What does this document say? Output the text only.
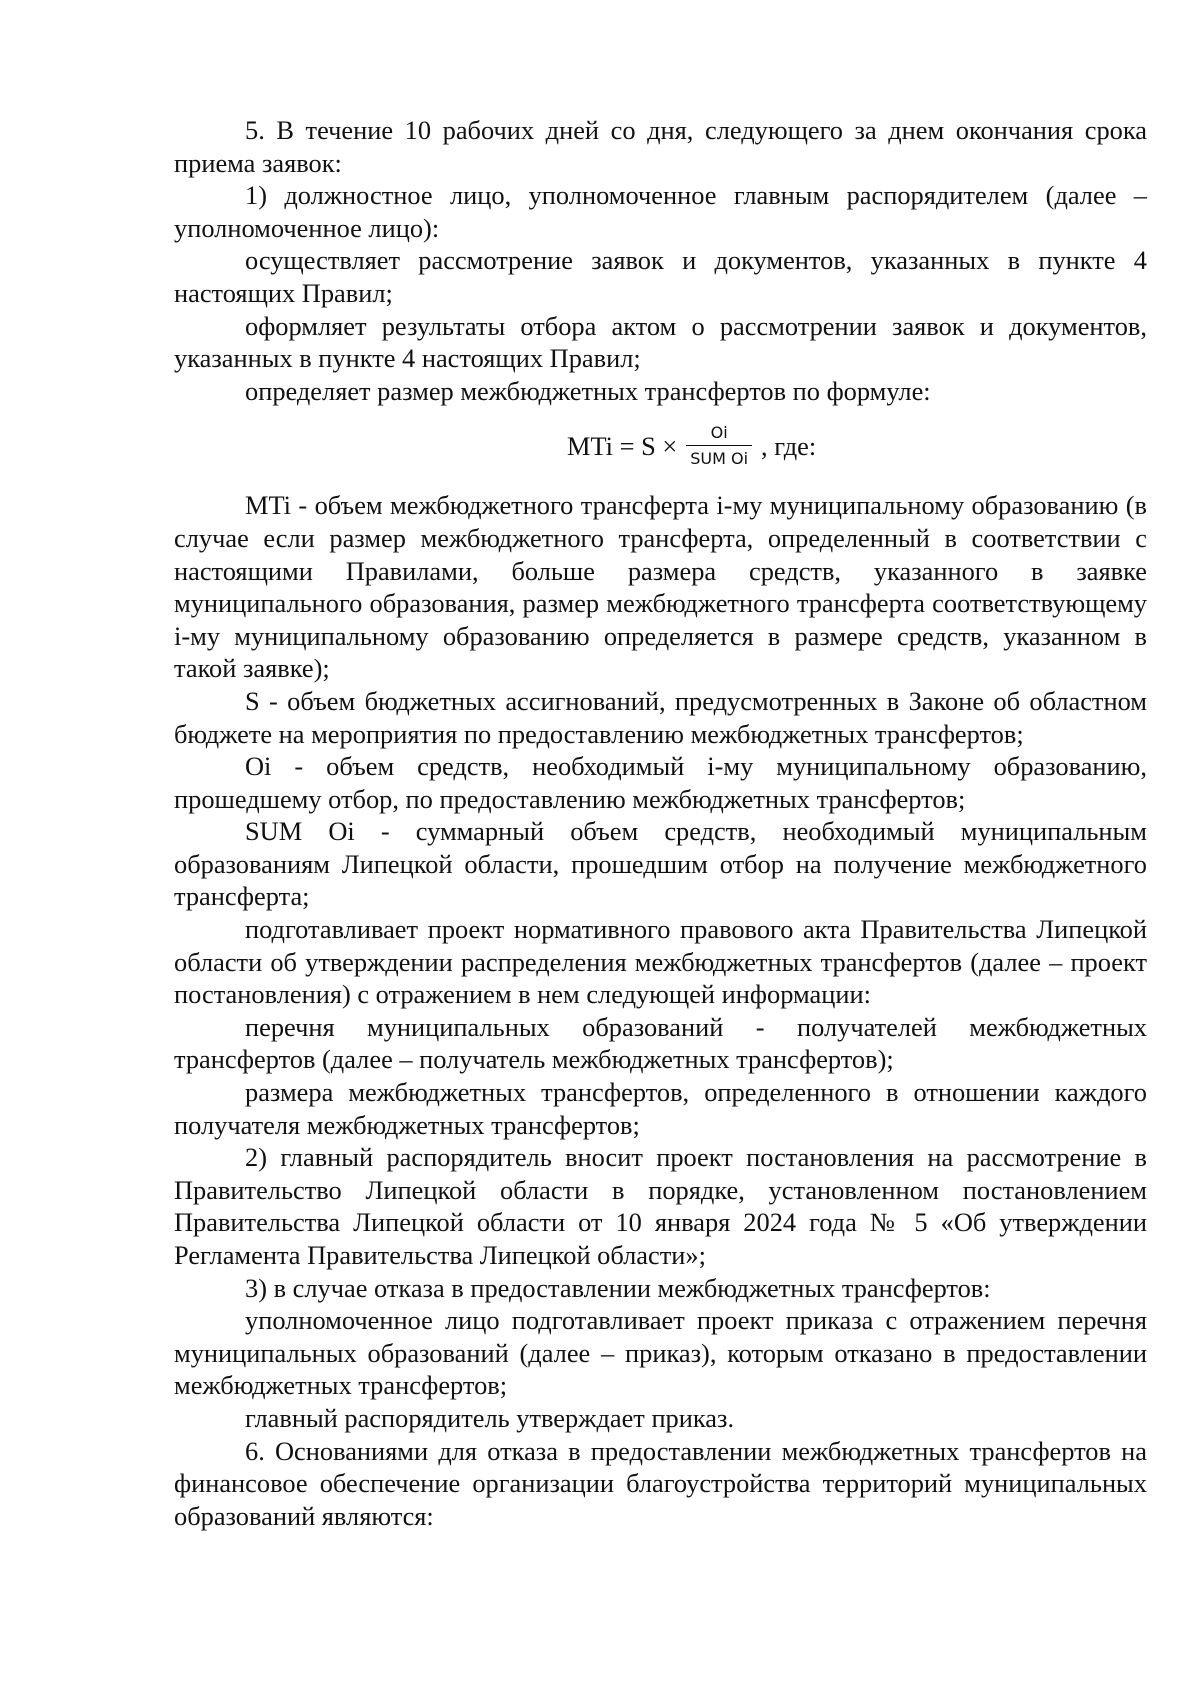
5. В течение 10 рабочих дней со дня, следующего за днем окончания срока приема заявок:

1) должностное лицо, уполномоченное главным распорядителем (далее – уполномоченное лицо):

осуществляет рассмотрение заявок и документов, указанных в пункте 4 настоящих Правил;

оформляет результаты отбора актом о рассмотрении заявок и документов, указанных в пункте 4 настоящих Правил;

определяет размер межбюджетных трансфертов по формуле:

MTi = $S \times \frac{Oi}{\text{SUM Oi}}$ , где:

MTi - объем межбюджетного трансферта i-му муниципальному образованию (в случае если размер межбюджетного трансферта, определенный в соответствии с настоящими Правилами, больше размера средств, указанного в заявке муниципального образования, размер межбюджетного трансферта соответствующему i-му муниципальному образованию определяется в размере средств, указанном в такой заявке);

S - объем бюджетных ассигнований, предусмотренных в Законе об областном бюджете на мероприятия по предоставлению межбюджетных трансфертов;

Oi - объем средств, необходимый i-му муниципальному образованию, прошедшему отбор, по предоставлению межбюджетных трансфертов;

SUM Oi - суммарный объем средств, необходимый муниципальным образованиям Липецкой области, прошедшим отбор на получение межбюджетного трансферта;

подготавливает проект нормативного правового акта Правительства Липецкой области об утверждении распределения межбюджетных трансфертов (далее – проект постановления) с отражением в нем следующей информации:

перечня муниципальных образований - получателей межбюджетных трансфертов (далее – получатель межбюджетных трансфертов);

размера межбюджетных трансфертов, определенного в отношении каждого получателя межбюджетных трансфертов;

2) главный распорядитель вносит проект постановления на рассмотрение в Правительство Липецкой области в порядке, установленном постановлением Правительства Липецкой области от 10 января 2024 года № 5 «Об утверждении Регламента Правительства Липецкой области»;

3) в случае отказа в предоставлении межбюджетных трансфертов:

уполномоченное лицо подготавливает проект приказа с отражением перечня муниципальных образований (далее – приказ), которым отказано в предоставлении межбюджетных трансфертов;

главный распорядитель утверждает приказ.

6. Основаниями для отказа в предоставлении межбюджетных трансфертов на финансовое обеспечение организации благоустройства территорий муниципальных образований являются:
